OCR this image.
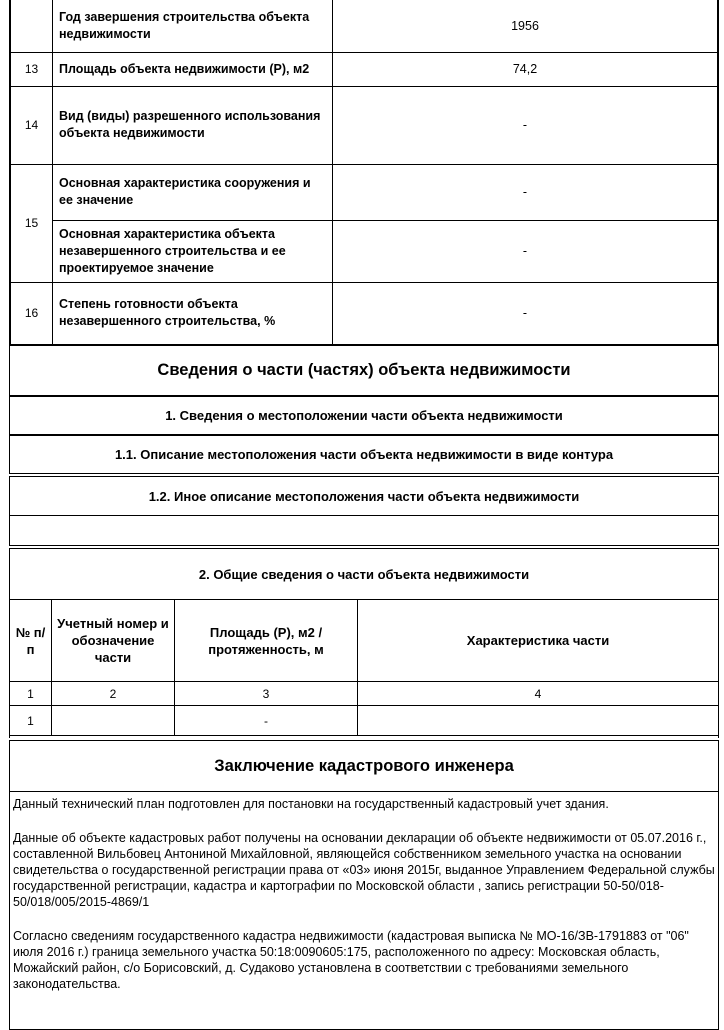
	Год завершения строительства объекта недвижимости	1956
13	Площадь объекта недвижимости (Р), м2	74,2
14	Вид (виды) разрешенного использования объекта недвижимости	-
15	Основная характеристика сооружения и ее значение	-
	Основная характеристика объекта незавершенного строительства и ее проектируемое значение	-
16	Степень готовности объекта незавершенного строительства, %	-
Сведения о части (частях) объекта недвижимости
1. Сведения о местоположении части объекта недвижимости
1.1. Описание местоположения части объекта недвижимости в виде контура
1.2. Иное описание местоположения части объекта недвижимости
2. Общие сведения о части объекта недвижимости
№ п/п	Учетный номер и обозначение части	Площадь (Р), м2 / протяженность, м	Характеристика части
1	2	3	4
1		-	
Заключение кадастрового инженера

Данный технический план подготовлен для постановки на государственный кадастровый учет здания.

Данные об объекте кадастровых работ получены на основании декларации об объекте недвижимости от 05.07.2016 г., составленной Вильбовец Антониной Михайловной, являющейся собственником земельного участка на основании свидетельства о государственной регистрации права от «03» июня 2015г, выданное Управлением Федеральной службы государственной регистрации, кадастра и картографии по Московской области , запись регистрации 50-50/018-50/018/005/2015-4869/1

Согласно сведениям государственного кадастра недвижимости (кадастровая выписка № МО-16/ЗВ-1791883 от "06" июля 2016 г.) граница земельного участка 50:18:0090605:175, расположенного по адресу: Московская область, Можайский район, с/о Борисовский, д. Судаково установлена в соответствии с требованиями земельного законодательства.
